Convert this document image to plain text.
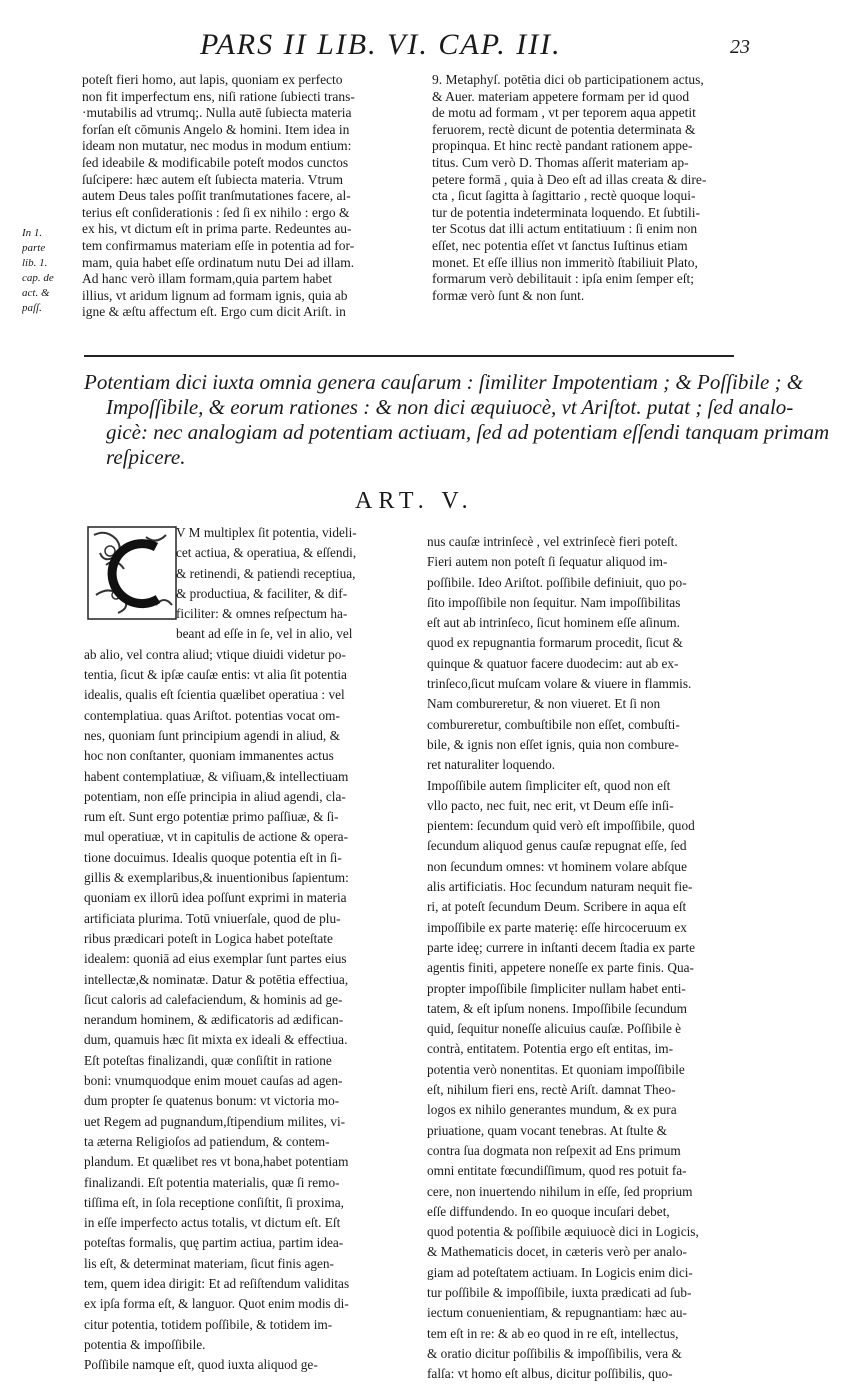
PARS II LIB. VI. CAP. III.	23

poteſt fieri homo, aut lapis, quoniam ex perfecto

non fit imperfectum ens, niſi ratione ſubiecti trans-

·mutabilis ad vtrumq;. Nulla autē ſubiecta materia

forſan eſt cōmunis Angelo & homini. Item idea in

ideam non mutatur, nec modus in modum entium:

ſed ideabile & modificabile poteſt modos cunctos

ſuſcipere: hæc autem eſt ſubiecta materia. Vtrum

autem Deus tales poſſit tranſmutationes facere, al-

terius eſt conſiderationis : ſed ſi ex nihilo : ergo &

ex his, vt dictum eſt in prima parte. Redeuntes au-

tem confirmamus materiam eſſe in potentia ad for-

mam, quia habet eſſe ordinatum nutu Dei ad illam.

Ad hanc verò illam formam,quia partem habet

illius, vt aridum lignum ad formam ignis, quia ab

igne & æſtu affectum eſt. Ergo cum dicit Ariſt. in

In 1.

parte

lib. 1.

cap. de

act. &

paſſ.

9. Metaphyſ. potētia dici ob participationem actus,

& Auer. materiam appetere formam per id quod

de motu ad formam , vt per teporem aqua appetit

feruorem, rectè dicunt de potentia determinata &

propinqua. Et hinc rectè pandant rationem appe-

titus. Cum verò D. Thomas aſſerit materiam ap-

petere formā , quia à Deo eſt ad illas creata & dire-

cta , ſicut ſagitta à ſagittario , rectè quoque loqui-

tur de potentia indeterminata loquendo. Et ſubtili-

ter Scotus dat illi actum entitatiuum : ſi enim non

eſſet, nec potentia eſſet vt ſanctus Iuſtinus etiam

monet. Et eſſe illius non immeritò ſtabiliuit Plato,

formarum verò debilitauit : ipſa enim ſemper eſt;

formæ verò ſunt & non ſunt.

Potentiam dici iuxta omnia genera cauſarum : ſimiliter Impotentiam ; & Poſſibile ; &

Impoſſibile, & eorum rationes : & non dici æquiuocè, vt Ariſtot. putat ; ſed analo-

gicè: nec analogiam ad potentiam actiuam, ſed ad potentiam eſſendi tanquam primam

reſpicere.

ART. V.

V M multiplex ſit potentia, videli-

cet actiua, & operatiua, & eſſendi,

& retinendi, & patiendi receptiua,

& productiua, & faciliter, & dif-

ficiliter: & omnes reſpectum ha-

beant ad eſſe in ſe, vel in alio, vel

ab alio, vel contra aliud; vtique diuidi videtur po-

tentia, ſicut & ipſæ cauſæ entis: vt alia ſit potentia

idealis, qualis eſt ſcientia quælibet operatiua : vel

contemplatiua. quas Ariſtot. potentias vocat om-

nes, quoniam ſunt principium agendi in aliud, &

hoc non conſtanter, quoniam immanentes actus

habent contemplatiuæ, & viſiuam,& intellectiuam

potentiam, non eſſe principia in aliud agendi, cla-

rum eſt. Sunt ergo potentiæ primo paſſiuæ, & ſi-

mul operatiuæ, vt in capitulis de actione & opera-

tione docuimus. Idealis quoque potentia eſt in ſi-

gillis & exemplaribus,& inuentionibus ſapientum:

quoniam ex illorū idea poſſunt exprimi in materia

artificiata plurima. Totū vniuerſale, quod de plu-

ribus prædicari poteſt in Logica habet poteſtate

idealem: quoniā ad eius exemplar ſunt partes eius

intellectæ,& nominatæ. Datur & potētia effectiua,

ſicut caloris ad calefaciendum, & hominis ad ge-

nerandum hominem, & ædificatoris ad ædifican-

dum, quamuis hæc ſit mixta ex ideali & effectiua.

Eſt poteſtas finalizandi, quæ conſiſtit in ratione

boni: vnumquodque enim mouet cauſas ad agen-

dum propter ſe quatenus bonum: vt victoria mo-

uet Regem ad pugnandum,ſtipendium milites, vi-

ta æterna Religioſos ad patiendum, & contem-

plandum. Et quælibet res vt bona,habet potentiam

finalizandi. Eſt potentia materialis, quæ ſi remo-

tiſſima eſt, in ſola receptione conſiſtit, ſi proxima,

in eſſe imperfecto actus totalis, vt dictum eſt. Eſt

poteſtas formalis, quę partim actiua, partim idea-

lis eſt, & determinat materiam, ſicut finis agen-

tem, quem idea dirigit: Et ad reſiſtendum validitas

ex ipſa forma eſt, & languor. Quot enim modis di-

citur potentia, totidem poſſibile, & totidem im-

potentia & impoſſibile.

Poſſibile namque eſt, quod iuxta aliquod ge-

nus cauſæ intrinſecè , vel extrinſecè fieri poteſt.

Fieri autem non poteſt ſi ſequatur aliquod im-

poſſibile. Ideo Ariſtot. poſſibile definiuit, quo po-

ſito impoſſibile non ſequitur. Nam impoſſibilitas

eſt aut ab intrinſeco, ſicut hominem eſſe aſinum.

quod ex repugnantia formarum procedit, ſicut &

quinque & quatuor facere duodecim: aut ab ex-

trinſeco,ſicut muſcam volare & viuere in flammis.

Nam combureretur, & non viueret. Et ſi non

combureretur, combuſtibile non eſſet, combuſti-

bile, & ignis non eſſet ignis, quia non combure-

ret naturaliter loquendo.

Impoſſibile autem ſimpliciter eſt, quod non eſt

vllo pacto, nec fuit, nec erit, vt Deum eſſe inſi-

pientem: ſecundum quid verò eſt impoſſibile, quod

ſecundum aliquod genus cauſæ repugnat eſſe, ſed

non ſecundum omnes: vt hominem volare abſque

alis artificiatis. Hoc ſecundum naturam nequit fie-

ri, at poteſt ſecundum Deum. Scribere in aqua eſt

impoſſibile ex parte materię: eſſe hircoceruum ex

parte ideę; currere in inſtanti decem ſtadia ex parte

agentis finiti, appetere noneſſe ex parte finis. Qua-

propter impoſſibile ſimpliciter nullam habet enti-

tatem, & eſt ipſum nonens. Impoſſibile ſecundum

quid, ſequitur noneſſe alicuius cauſæ. Poſſibile è

contrà, entitatem. Potentia ergo eſt entitas, im-

potentia verò nonentitas. Et quoniam impoſſibile

eſt, nihilum fieri ens, rectè Ariſt. damnat Theo-

logos ex nihilo generantes mundum, & ex pura

priuatione, quam vocant tenebras. At ſtulte &

contra ſua dogmata non reſpexit ad Ens primum

omni entitate fœcundiſſimum, quod res potuit fa-

cere, non inuertendo nihilum in eſſe, ſed proprium

eſſe diffundendo. In eo quoque incuſari debet,

quod potentia & poſſibile æquiuocè dici in Logicis,

& Mathematicis docet, in cæteris verò per analo-

giam ad poteſtatem actiuam. In Logicis enim dici-

tur poſſibile & impoſſibile, iuxta prædicati ad ſub-

iectum conuenientiam, & repugnantiam: hæc au-

tem eſt in re: & ab eo quod in re eſt, intellectus,

& oratio dicitur poſſibilis & impoſſibilis, vera &

falſa: vt homo eſt albus, dicitur poſſibilis, quo-
